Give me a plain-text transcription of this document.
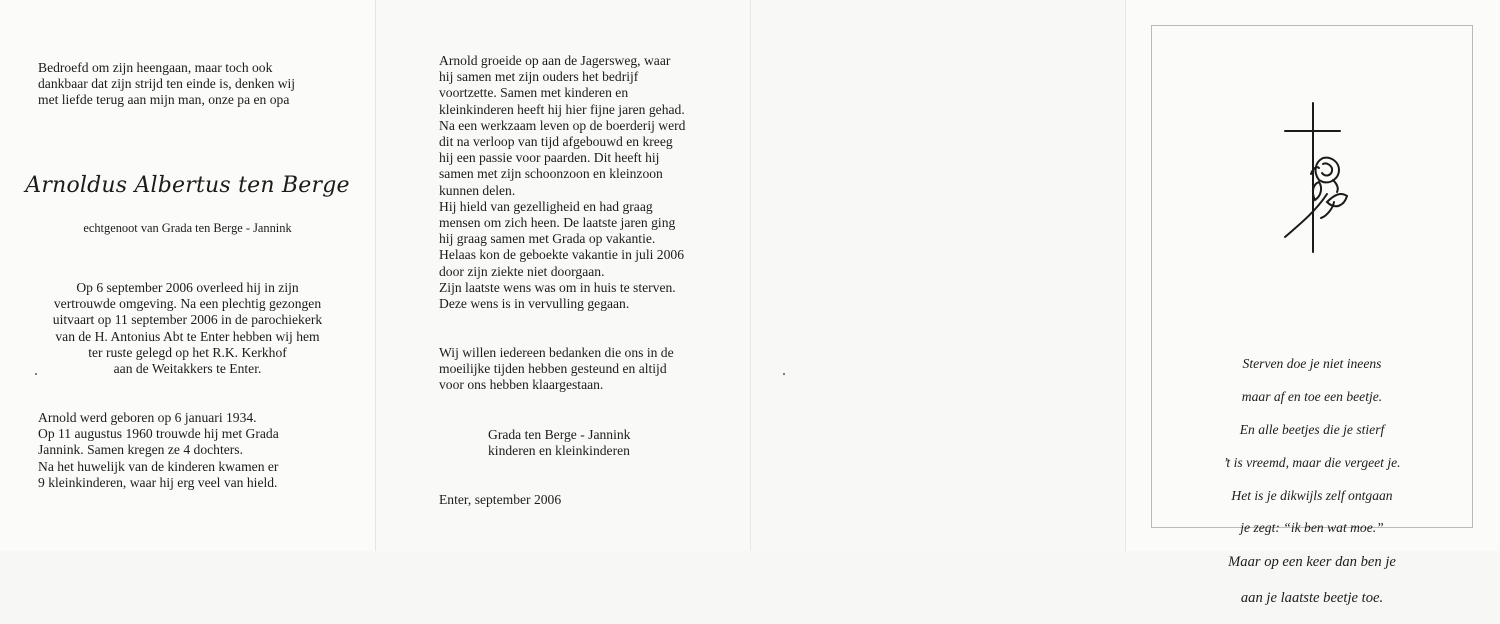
Bedroefd om zijn heengaan, maar toch ook
dankbaar dat zijn strijd ten einde is, denken wij
met liefde terug aan mijn man, onze pa en opa

Arnoldus Albertus ten Berge

echtgenoot van Grada ten Berge - Jannink

Op 6 september 2006 overleed hij in zijn
vertrouwde omgeving. Na een plechtig gezongen
uitvaart op 11 september 2006 in de parochiekerk
van de H. Antonius Abt te Enter hebben wij hem
ter ruste gelegd op het R.K. Kerkhof
aan de Weitakkers te Enter.

Arnold werd geboren op 6 januari 1934.
Op 11 augustus 1960 trouwde hij met Grada
Jannink. Samen kregen ze 4 dochters.
Na het huwelijk van de kinderen kwamen er
9 kleinkinderen, waar hij erg veel van hield.

Arnold groeide op aan de Jagersweg, waar
hij samen met zijn ouders het bedrijf
voortzette. Samen met kinderen en
kleinkinderen heeft hij hier fijne jaren gehad.
Na een werkzaam leven op de boerderij werd
dit na verloop van tijd afgebouwd en kreeg
hij een passie voor paarden. Dit heeft hij
samen met zijn schoonzoon en kleinzoon
kunnen delen.
Hij hield van gezelligheid en had graag
mensen om zich heen. De laatste jaren ging
hij graag samen met Grada op vakantie.
Helaas kon de geboekte vakantie in juli 2006
door zijn ziekte niet doorgaan.
Zijn laatste wens was om in huis te sterven.
Deze wens is in vervulling gegaan.

Wij willen iedereen bedanken die ons in de
moeilijke tijden hebben gesteund en altijd
voor ons hebben klaargestaan.

Grada ten Berge - Jannink
kinderen en kleinkinderen

Enter, september 2006

Sterven doe je niet ineens

maar af en toe een beetje.

En alle beetjes die je stierf

’t is vreemd, maar die vergeet je.

Het is je dikwijls zelf ontgaan

je zegt: “ik ben wat moe.”

Maar op een keer dan ben je

aan je laatste beetje toe.
